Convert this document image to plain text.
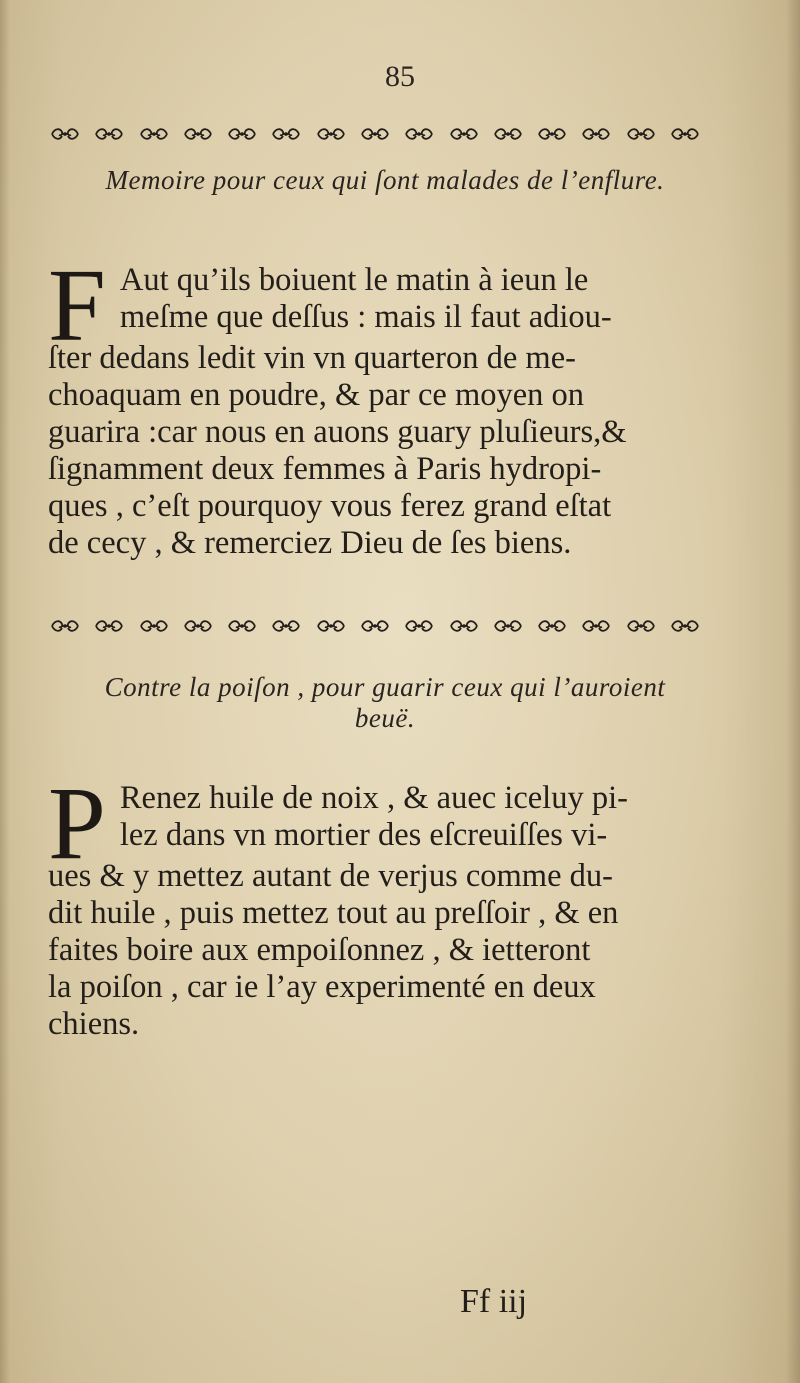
85
Memoire pour ceux qui ſont malades de l’enflure.
F Aut qu’ils boiuent le matin à ieun le
meſme que deſſus : mais il faut adiou-
ſter dedans ledit vin vn quarteron de me-
choaquam en poudre, & par ce moyen on
guarira :car nous en auons guary pluſieurs,&
ſignamment deux femmes à Paris hydropi-
ques , c’eſt pourquoy vous ferez grand eſtat
de cecy , & remerciez Dieu de ſes biens.
Contre la poiſon , pour guarir ceux qui l’auroient
beuë.
P Renez huile de noix , & auec iceluy pi-
lez dans vn mortier des eſcreuiſſes vi-
ues & y mettez autant de verjus comme du-
dit huile , puis mettez tout au preſſoir , & en
faites boire aux empoiſonnez , & ietteront
la poiſon , car ie l’ay experimenté en deux
chiens.
Ff iij
